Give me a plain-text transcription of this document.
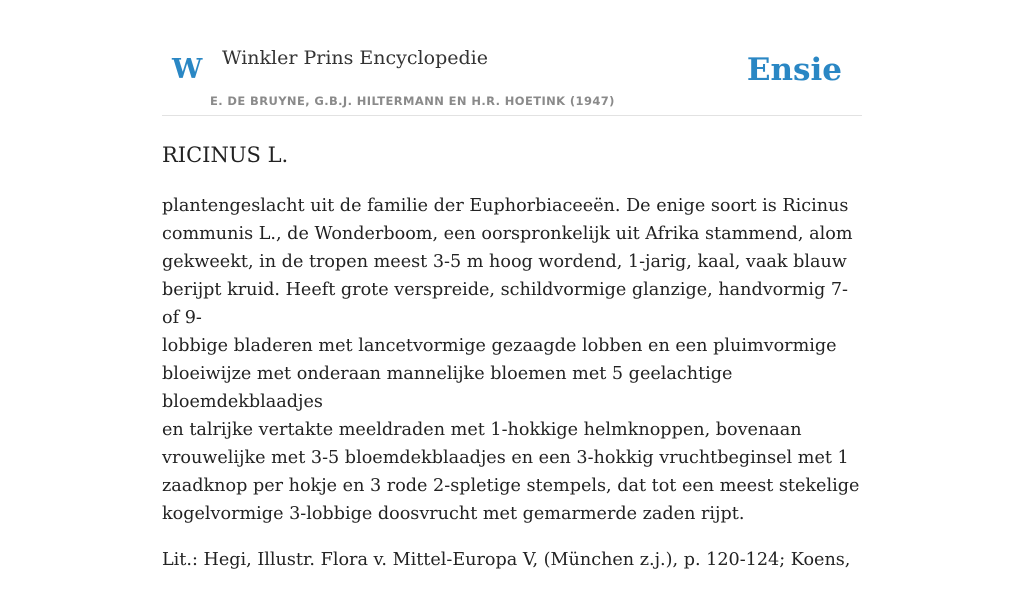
W Winkler Prins Encyclopedie
E. DE BRUYNE, G.B.J. HILTERMANN EN H.R. HOETINK (1947)
Ensie
RICINUS L.

plantengeslacht uit de familie der Euphorbiaceeën. De enige soort is Ricinus
communis L., de Wonderboom, een oorspronkelijk uit Afrika stammend, alom
gekweekt, in de tropen meest 3-5 m hoog wordend, 1-jarig, kaal, vaak blauw
berijpt kruid. Heeft grote verspreide, schildvormige glanzige, handvormig 7- of 9-
lobbige bladeren met lancetvormige gezaagde lobben en een pluimvormige
bloeiwijze met onderaan mannelijke bloemen met 5 geelachtige bloemdekblaadjes
en talrijke vertakte meeldraden met 1-hokkige helmknoppen, bovenaan
vrouwelijke met 3-5 bloemdekblaadjes en een 3-hokkig vruchtbeginsel met 1
zaadknop per hokje en 3 rode 2-spletige stempels, dat tot een meest stekelige
kogelvormige 3-lobbige doosvrucht met gemarmerde zaden rijpt.

Lit.: Hegi, Illustr. Flora v. Mittel-Europa V, (München z.j.), p. 120-124; Koens,
